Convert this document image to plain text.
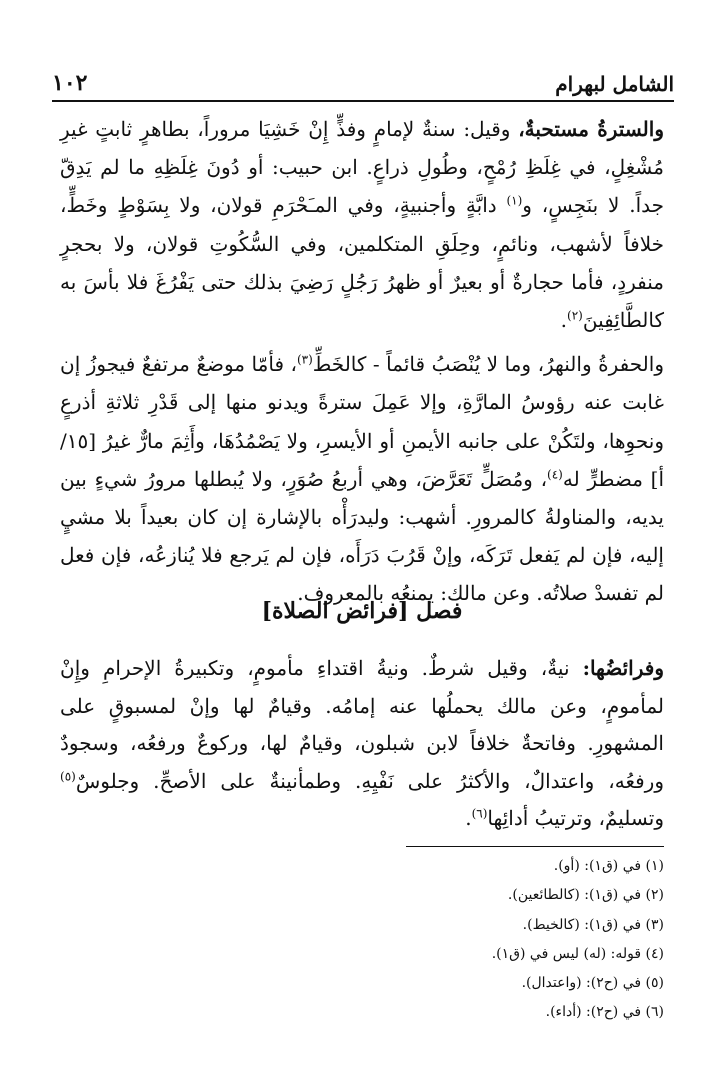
الشامل لبهرام
١٠٢

والسترةُ مستحبةٌ، وقيل: سنةٌ لإمامٍ وفذٍّ إِنْ خَشِيَا مروراً، بطاهرٍ ثابتٍ غيرِ مُشْغِلٍ، في غِلَظِ رُمْحٍ، وطُولِ ذراعٍ. ابن حبيب: أو دُونَ غِلَظِهِ ما لم يَدِقّ جداً. لا بنَجِسٍ، و$^{(١)}$ دابَّةٍ وأجنبيةٍ، وفي المـَحْرَمِ قولان، ولا بِسَوْطٍ وخَطٍّ، خلافاً لأشهب، ونائمٍ، وحِلَقِ المتكلمين، وفي السُّكُوتِ قولان، ولا بحجرٍ منفردٍ، فأما حجارةٌ أو بعيرٌ أو ظهرُ رَجُلٍ رَضِيَ بذلك حتى يَفْرُغَ فلا بأسَ به كالطَّائِفِينَ$^{(٢)}$.

والحفرةُ والنهرُ، وما لا يُنْصَبُ قائماً - كالخَطِّ$^{(٣)}$، فأمّا موضعٌ مرتفعٌ فيجوزُ إن غابت عنه رؤوسُ المارَّةِ، وإلا عَمِلَ سترةً ويدنو منها إلى قَدْرِ ثلاثةِ أذرعٍ ونحوِها، ولتَكُنْ على جانبه الأيمنِ أو الأيسرِ، ولا يَصْمُدُهَا، وأَثِمَ مارٌّ غيرُ [١٥/أ] مضطرٍّ له$^{(٤)}$، ومُصَلٍّ تَعَرَّضَ، وهي أربعُ صُوَرٍ، ولا يُبطلها مرورُ شيءٍ بين يديه، والمناولةُ كالمرورِ. أشهب: وليدرَأْه بالإشارة إن كان بعيداً بلا مشيٍ إليه، فإن لم يَفعل تَرَكَه، وإنْ قَرُبَ دَرَأَه، فإن لم يَرجع فلا يُنازعُه، فإن فعل لم تفسدْ صلاتُه. وعن مالك: يمنعُه بالمعروف.

فصل [فرائض الصلاة]

وفرائضُها: نيةٌ، وقيل شرطٌ. ونيةُ اقتداءِ مأمومٍ، وتكبيرةُ الإحرامِ وإِنْ لمأمومٍ، وعن مالك يحملُها عنه إمامُه. وقيامٌ لها وإنْ لمسبوقٍ على المشهورِ. وفاتحةٌ خلافاً لابن شبلون، وقيامٌ لها، وركوعٌ ورفعُه، وسجودٌ ورفعُه، واعتدالٌ، والأكثرُ على نَفْيِهِ. وطمأنينةٌ على الأصحِّ. وجلوسٌ$^{(٥)}$ وتسليمٌ، وترتيبُ أدائِها$^{(٦)}$.

(١) في (ق١): (أو).

(٢) في (ق١): (كالطائعين).

(٣) في (ق١): (كالخيط).

(٤) قوله: (له) ليس في (ق١).

(٥) في (ح٢): (واعتدال).

(٦) في (ح٢): (أداء).
